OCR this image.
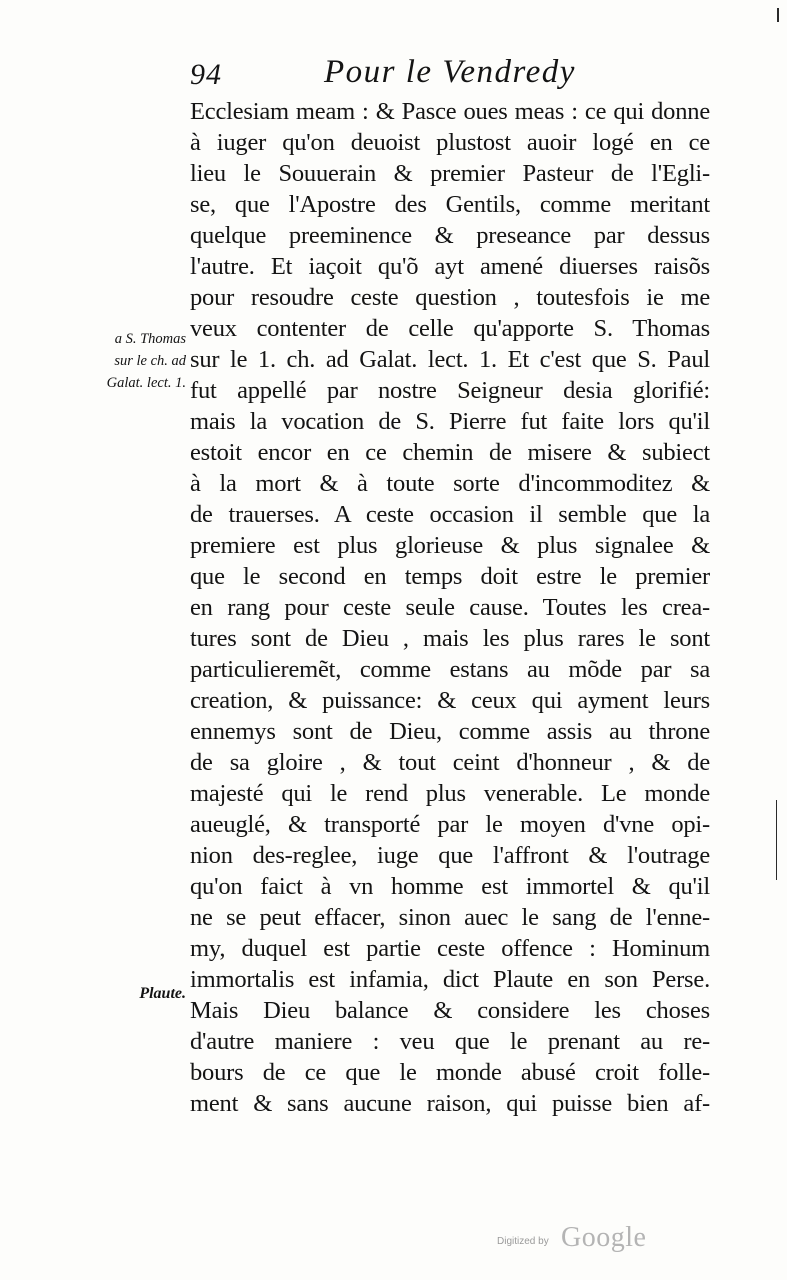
94	Pour le Vendredy
a S. Thomas
sur le ch. ad
Galat. lect. 1.
Plaute.
Ecclesiam meam : & Pasce oues meas : ce qui donne
à iuger qu'on deuoist plustost auoir logé en ce
lieu le Souuerain & premier Pasteur de l'Egli-
se, que l'Apostre des Gentils, comme meritant
quelque preeminence & preseance par dessus
l'autre. Et iaçoit qu'õ ayt amené diuerses raisõs
pour resoudre ceste question , toutesfois ie me
veux contenter de celle qu'apporte S. Thomas
sur le 1. ch. ad Galat. lect. 1. Et c'est que S. Paul
fut appellé par nostre Seigneur desia glorifié:
mais la vocation de S. Pierre fut faite lors qu'il
estoit encor en ce chemin de misere & subiect
à la mort & à toute sorte d'incommoditez &
de trauerses. A ceste occasion il semble que la
premiere est plus glorieuse & plus signalee &
que le second en temps doit estre le premier
en rang pour ceste seule cause. Toutes les crea-
tures sont de Dieu , mais les plus rares le sont
particulieremẽt, comme estans au mõde par sa
creation, & puissance: & ceux qui ayment leurs
ennemys sont de Dieu, comme assis au throne
de sa gloire , & tout ceint d'honneur , & de
majesté qui le rend plus venerable. Le monde
aueuglé, & transporté par le moyen d'vne opi-
nion des-reglee, iuge que l'affront & l'outrage
qu'on faict à vn homme est immortel & qu'il
ne se peut effacer, sinon auec le sang de l'enne-
my, duquel est partie ceste offence : Hominum
immortalis est infamia, dict Plaute en son Perse.
Mais Dieu balance & considere les choses
d'autre maniere : veu que le prenant au re-
bours de ce que le monde abusé croit folle-
ment & sans aucune raison, qui puisse bien af-
Digitized by Google
